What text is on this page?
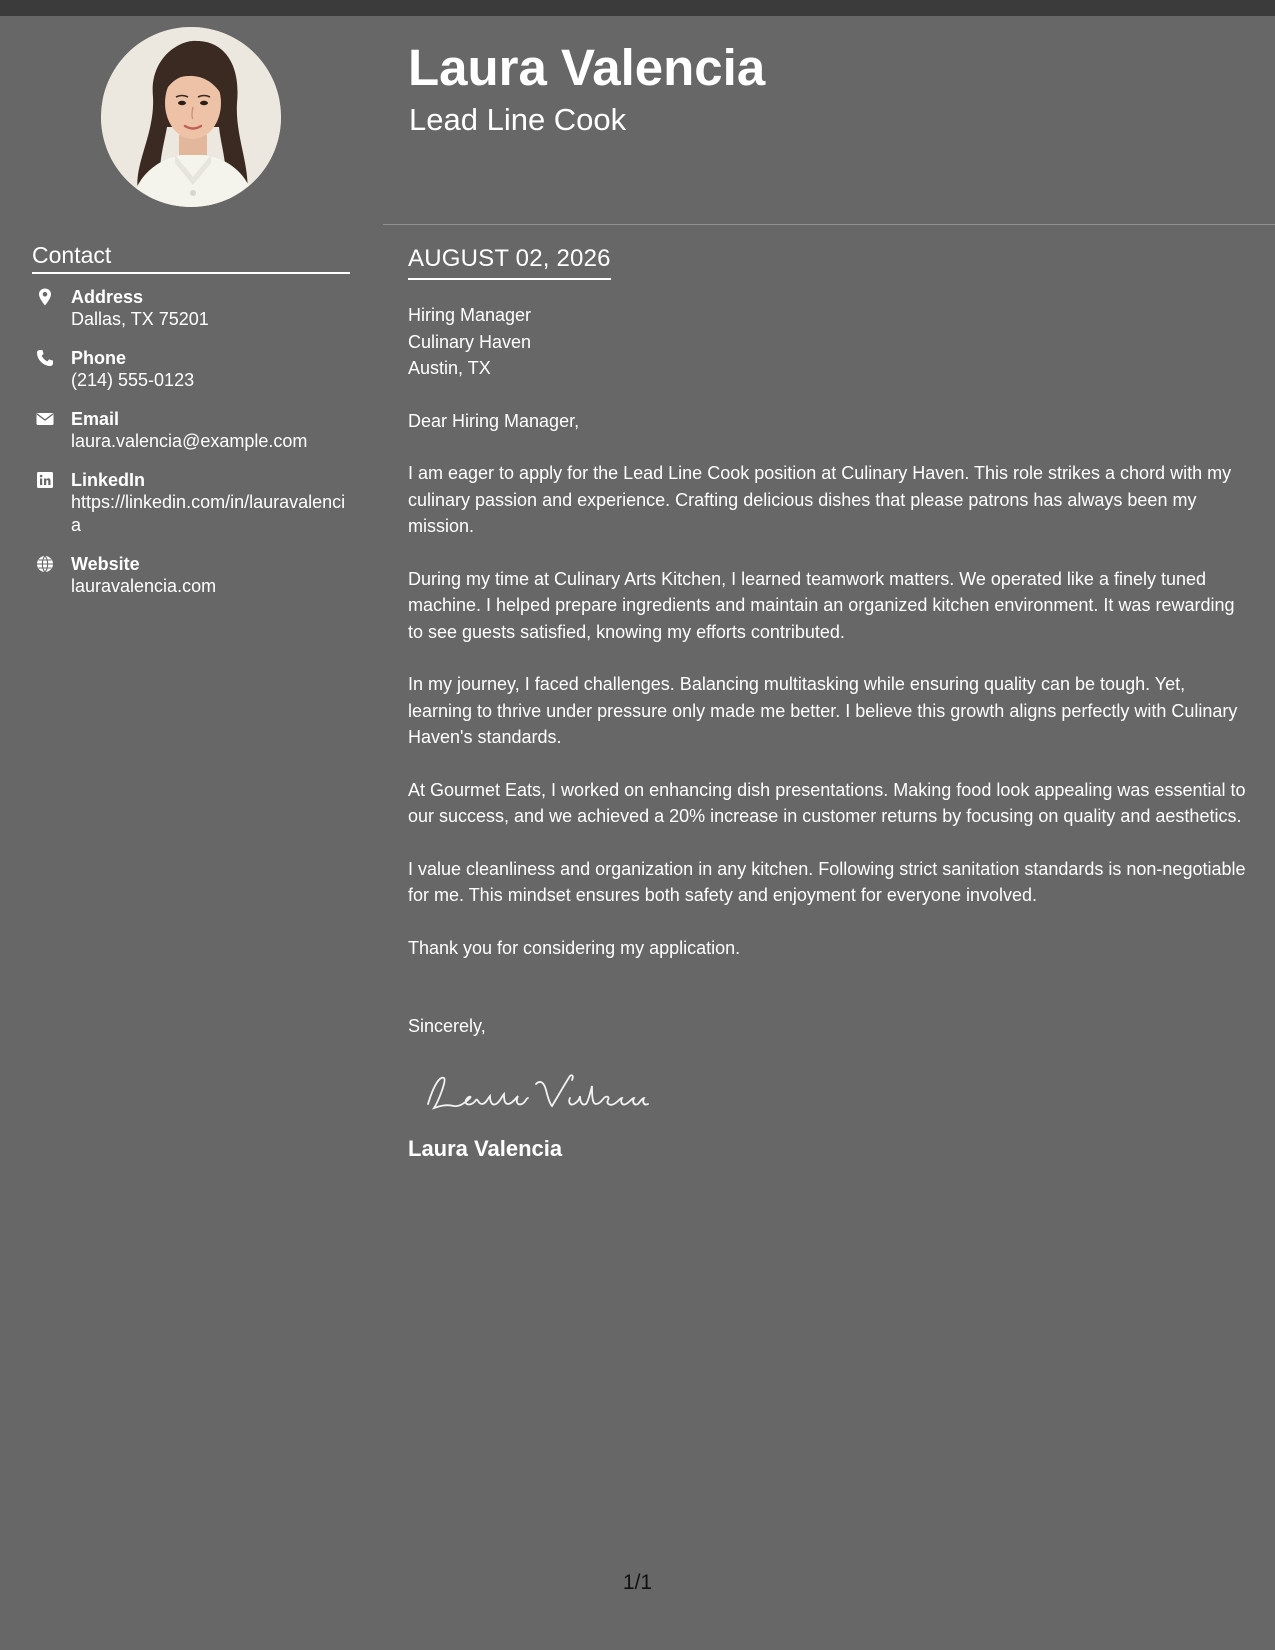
Laura Valencia
Lead Line Cook
Contact
Address
Dallas, TX 75201
Phone
(214) 555-0123
Email
laura.valencia@example.com
LinkedIn
https://linkedin.com/in/lauravalencia
Website
lauravalencia.com
AUGUST 02, 2026
Hiring Manager
Culinary Haven
Austin, TX

Dear Hiring Manager,

I am eager to apply for the Lead Line Cook position at Culinary Haven. This role strikes a chord with my culinary passion and experience. Crafting delicious dishes that please patrons has always been my mission.

During my time at Culinary Arts Kitchen, I learned teamwork matters. We operated like a finely tuned machine. I helped prepare ingredients and maintain an organized kitchen environment. It was rewarding to see guests satisfied, knowing my efforts contributed.

In my journey, I faced challenges. Balancing multitasking while ensuring quality can be tough. Yet, learning to thrive under pressure only made me better. I believe this growth aligns perfectly with Culinary Haven's standards.

At Gourmet Eats, I worked on enhancing dish presentations. Making food look appealing was essential to our success, and we achieved a 20% increase in customer returns by focusing on quality and aesthetics.

I value cleanliness and organization in any kitchen. Following strict sanitation standards is non-negotiable for me. This mindset ensures both safety and enjoyment for everyone involved.

Thank you for considering my application.

Sincerely,

Laura Valencia

1/1
